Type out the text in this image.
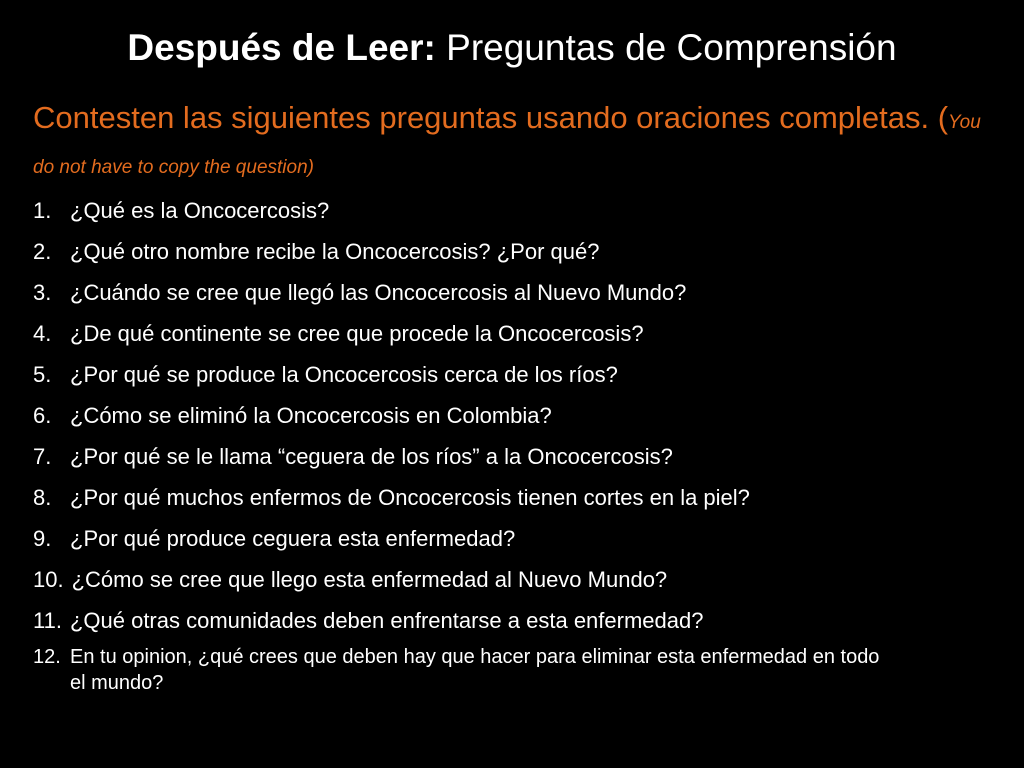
Después de Leer: Preguntas de Comprensión
Contesten las siguientes preguntas usando oraciones completas. (You do not have to copy the question)
1. ¿Qué es la Oncocercosis?
2. ¿Qué otro nombre recibe la Oncocercosis? ¿Por qué?
3. ¿Cuándo se cree que llegó las Oncocercosis al Nuevo Mundo?
4. ¿De qué continente se cree que procede la Oncocercosis?
5. ¿Por qué se produce la Oncocercosis cerca de los ríos?
6. ¿Cómo se eliminó la Oncocercosis en Colombia?
7. ¿Por qué se le llama “ceguera de los ríos” a la Oncocercosis?
8. ¿Por qué muchos enfermos de Oncocercosis tienen cortes en la piel?
9. ¿Por qué produce ceguera esta enfermedad?
10. ¿Cómo se cree que llego esta enfermedad al Nuevo Mundo?
11. ¿Qué otras comunidades deben enfrentarse a esta enfermedad?
12. En tu opinion, ¿qué crees que deben hay que hacer para eliminar esta enfermedad en todo el mundo?
